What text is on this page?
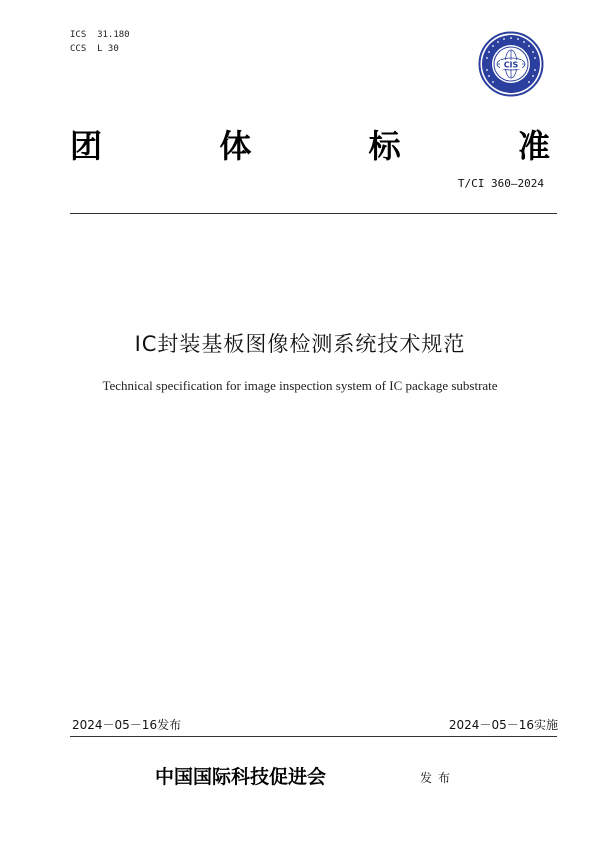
ICS  31.180
CCS  L 30
CIS
团	体	标	准
T/CI 360—2024
IC封装基板图像检测系统技术规范
Technical specification for image inspection system of IC package substrate
2024－05－16发布	2024－05－16实施
中国国际科技促进会	发布
